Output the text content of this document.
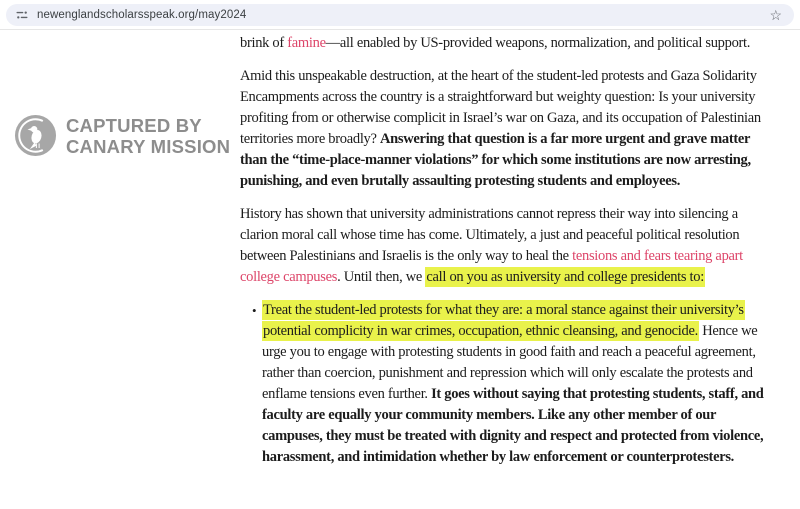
newenglandscholarsspeak.org/may2024	☆
CAPTURED BY
CANARY MISSION

brink of famine—all enabled by US-provided weapons, normalization, and political support.

Amid this unspeakable destruction, at the heart of the student-led protests and Gaza Solidarity Encampments across the country is a straightforward but weighty question: Is your university profiting from or otherwise complicit in Israel’s war on Gaza, and its occupation of Palestinian territories more broadly? Answering that question is a far more urgent and grave matter than the “time-place-manner violations” for which some institutions are now arresting, punishing, and even brutally assaulting protesting students and employees.

History has shown that university administrations cannot repress their way into silencing a clarion moral call whose time has come. Ultimately, a just and peaceful political resolution between Palestinians and Israelis is the only way to heal the tensions and fears tearing apart college campuses. Until then, we call on you as university and college presidents to:

• Treat the student-led protests for what they are: a moral stance against their university’s potential complicity in war crimes, occupation, ethnic cleansing, and genocide. Hence we urge you to engage with protesting students in good faith and reach a peaceful agreement, rather than coercion, punishment and repression which will only escalate the protests and enflame tensions even further. It goes without saying that protesting students, staff, and faculty are equally your community members. Like any other member of our campuses, they must be treated with dignity and respect and protected from violence, harassment, and intimidation whether by law enforcement or counterprotesters.
